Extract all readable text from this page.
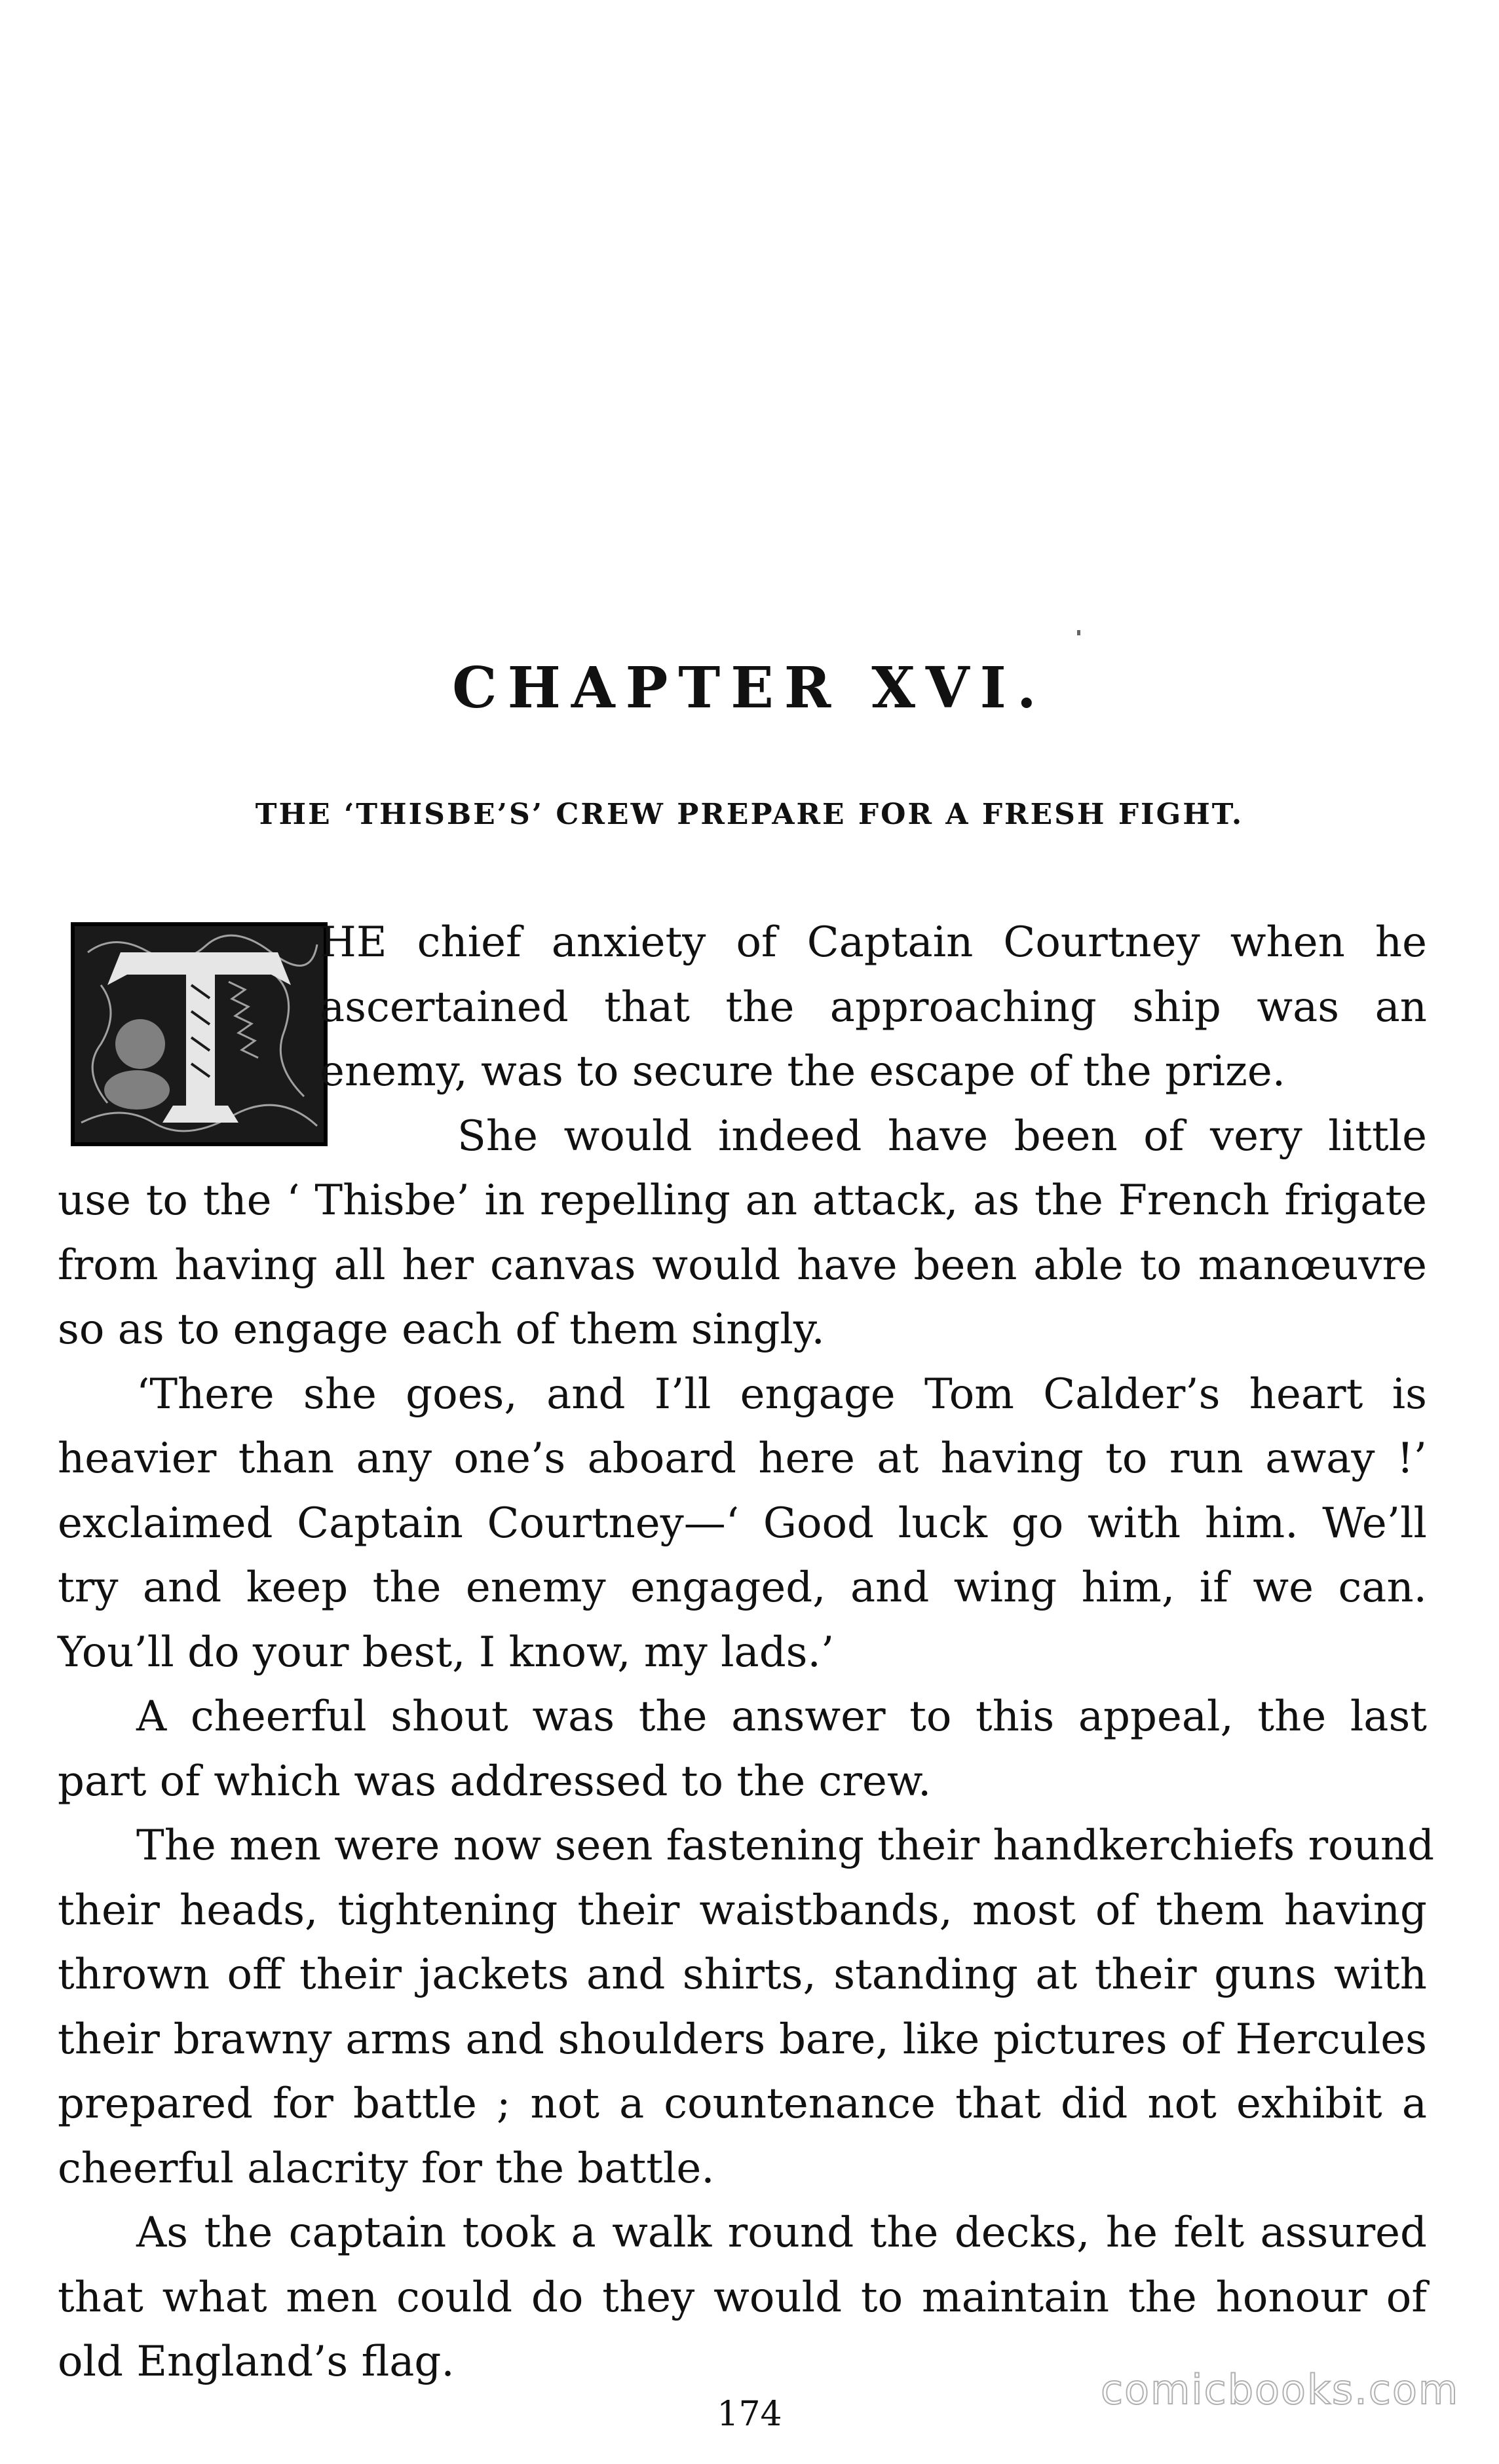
CHAPTER XVI.
THE ‘THISBE’S’ CREW PREPARE FOR A FRESH FIGHT.
HE chief anxiety of Captain Courtney when he
ascertained that the approaching ship was an
enemy, was to secure the escape of the prize.
She would indeed have been of very little
use to the ‘ Thisbe’ in repelling an attack, as the French frigate
from having all her canvas would have been able to manœuvre
so as to engage each of them singly.
‘There she goes, and I’ll engage Tom Calder’s heart is
heavier than any one’s aboard here at having to run away !’
exclaimed Captain Courtney—‘ Good luck go with him. We’ll
try and keep the enemy engaged, and wing him, if we can.
You’ll do your best, I know, my lads.’
A cheerful shout was the answer to this appeal, the last
part of which was addressed to the crew.
The men were now seen fastening their handkerchiefs round
their heads, tightening their waistbands, most of them having
thrown off their jackets and shirts, standing at their guns with
their brawny arms and shoulders bare, like pictures of Hercules
prepared for battle ; not a countenance that did not exhibit a
cheerful alacrity for the battle.
As the captain took a walk round the decks, he felt assured
that what men could do they would to maintain the honour of
old England’s flag.
comicbooks.com
174
